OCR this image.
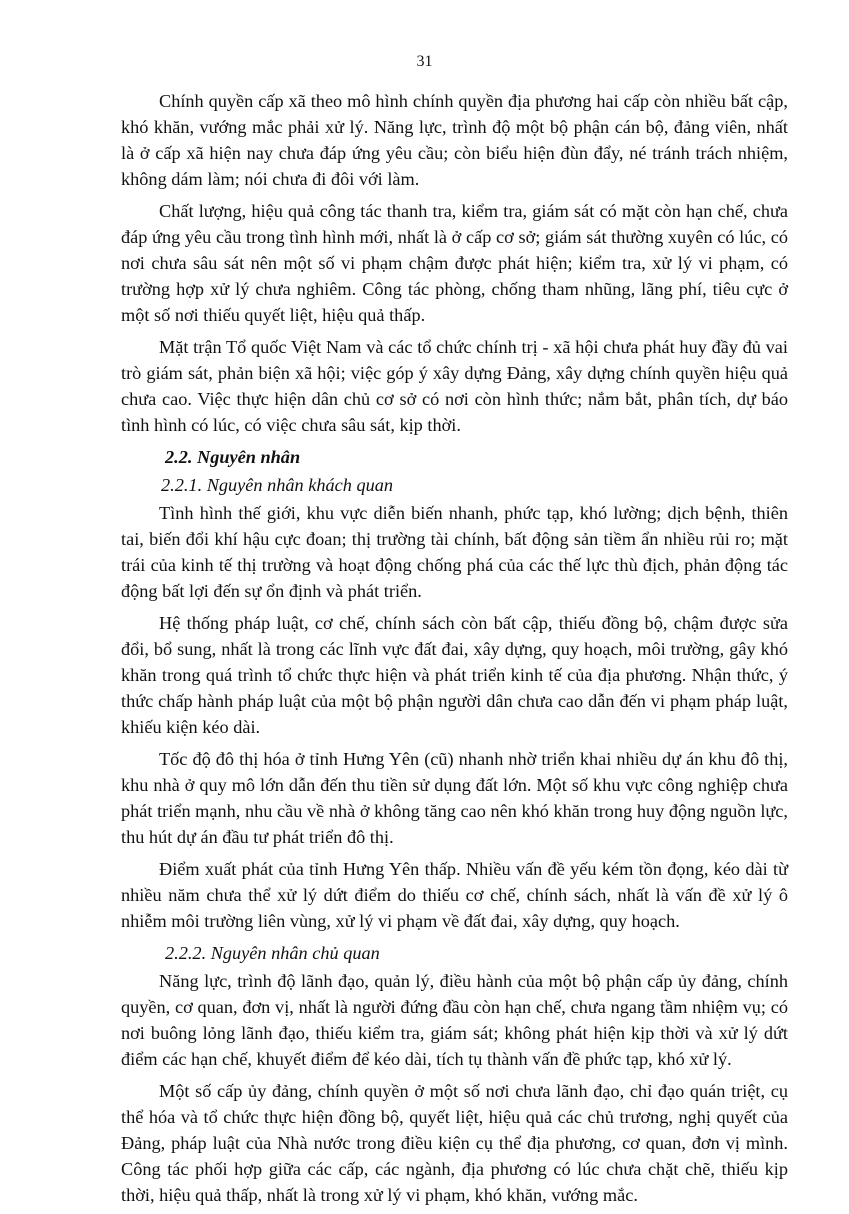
31

Chính quyền cấp xã theo mô hình chính quyền địa phương hai cấp còn nhiều bất cập, khó khăn, vướng mắc phải xử lý. Năng lực, trình độ một bộ phận cán bộ, đảng viên, nhất là ở cấp xã hiện nay chưa đáp ứng yêu cầu; còn biểu hiện đùn đẩy, né tránh trách nhiệm, không dám làm; nói chưa đi đôi với làm.

Chất lượng, hiệu quả công tác thanh tra, kiểm tra, giám sát có mặt còn hạn chế, chưa đáp ứng yêu cầu trong tình hình mới, nhất là ở cấp cơ sở; giám sát thường xuyên có lúc, có nơi chưa sâu sát nên một số vi phạm chậm được phát hiện; kiểm tra, xử lý vi phạm, có trường hợp xử lý chưa nghiêm. Công tác phòng, chống tham nhũng, lãng phí, tiêu cực ở một số nơi thiếu quyết liệt, hiệu quả thấp.

Mặt trận Tổ quốc Việt Nam và các tổ chức chính trị - xã hội chưa phát huy đầy đủ vai trò giám sát, phản biện xã hội; việc góp ý xây dựng Đảng, xây dựng chính quyền hiệu quả chưa cao. Việc thực hiện dân chủ cơ sở có nơi còn hình thức; nắm bắt, phân tích, dự báo tình hình có lúc, có việc chưa sâu sát, kịp thời.

2.2. Nguyên nhân
2.2.1. Nguyên nhân khách quan

Tình hình thế giới, khu vực diễn biến nhanh, phức tạp, khó lường; dịch bệnh, thiên tai, biến đổi khí hậu cực đoan; thị trường tài chính, bất động sản tiềm ẩn nhiều rủi ro; mặt trái của kinh tế thị trường và hoạt động chống phá của các thế lực thù địch, phản động tác động bất lợi đến sự ổn định và phát triển.

Hệ thống pháp luật, cơ chế, chính sách còn bất cập, thiếu đồng bộ, chậm được sửa đổi, bổ sung, nhất là trong các lĩnh vực đất đai, xây dựng, quy hoạch, môi trường, gây khó khăn trong quá trình tổ chức thực hiện và phát triển kinh tế của địa phương. Nhận thức, ý thức chấp hành pháp luật của một bộ phận người dân chưa cao dẫn đến vi phạm pháp luật, khiếu kiện kéo dài.

Tốc độ đô thị hóa ở tỉnh Hưng Yên (cũ) nhanh nhờ triển khai nhiều dự án khu đô thị, khu nhà ở quy mô lớn dẫn đến thu tiền sử dụng đất lớn. Một số khu vực công nghiệp chưa phát triển mạnh, nhu cầu về nhà ở không tăng cao nên khó khăn trong huy động nguồn lực, thu hút dự án đầu tư phát triển đô thị.

Điểm xuất phát của tỉnh Hưng Yên thấp. Nhiều vấn đề yếu kém tồn đọng, kéo dài từ nhiều năm chưa thể xử lý dứt điểm do thiếu cơ chế, chính sách, nhất là vấn đề xử lý ô nhiễm môi trường liên vùng, xử lý vi phạm về đất đai, xây dựng, quy hoạch.

2.2.2. Nguyên nhân chủ quan

Năng lực, trình độ lãnh đạo, quản lý, điều hành của một bộ phận cấp ủy đảng, chính quyền, cơ quan, đơn vị, nhất là người đứng đầu còn hạn chế, chưa ngang tầm nhiệm vụ; có nơi buông lỏng lãnh đạo, thiếu kiểm tra, giám sát; không phát hiện kịp thời và xử lý dứt điểm các hạn chế, khuyết điểm để kéo dài, tích tụ thành vấn đề phức tạp, khó xử lý.

Một số cấp ủy đảng, chính quyền ở một số nơi chưa lãnh đạo, chỉ đạo quán triệt, cụ thể hóa và tổ chức thực hiện đồng bộ, quyết liệt, hiệu quả các chủ trương, nghị quyết của Đảng, pháp luật của Nhà nước trong điều kiện cụ thể địa phương, cơ quan, đơn vị mình. Công tác phối hợp giữa các cấp, các ngành, địa phương có lúc chưa chặt chẽ, thiếu kịp thời, hiệu quả thấp, nhất là trong xử lý vi phạm, khó khăn, vướng mắc.
